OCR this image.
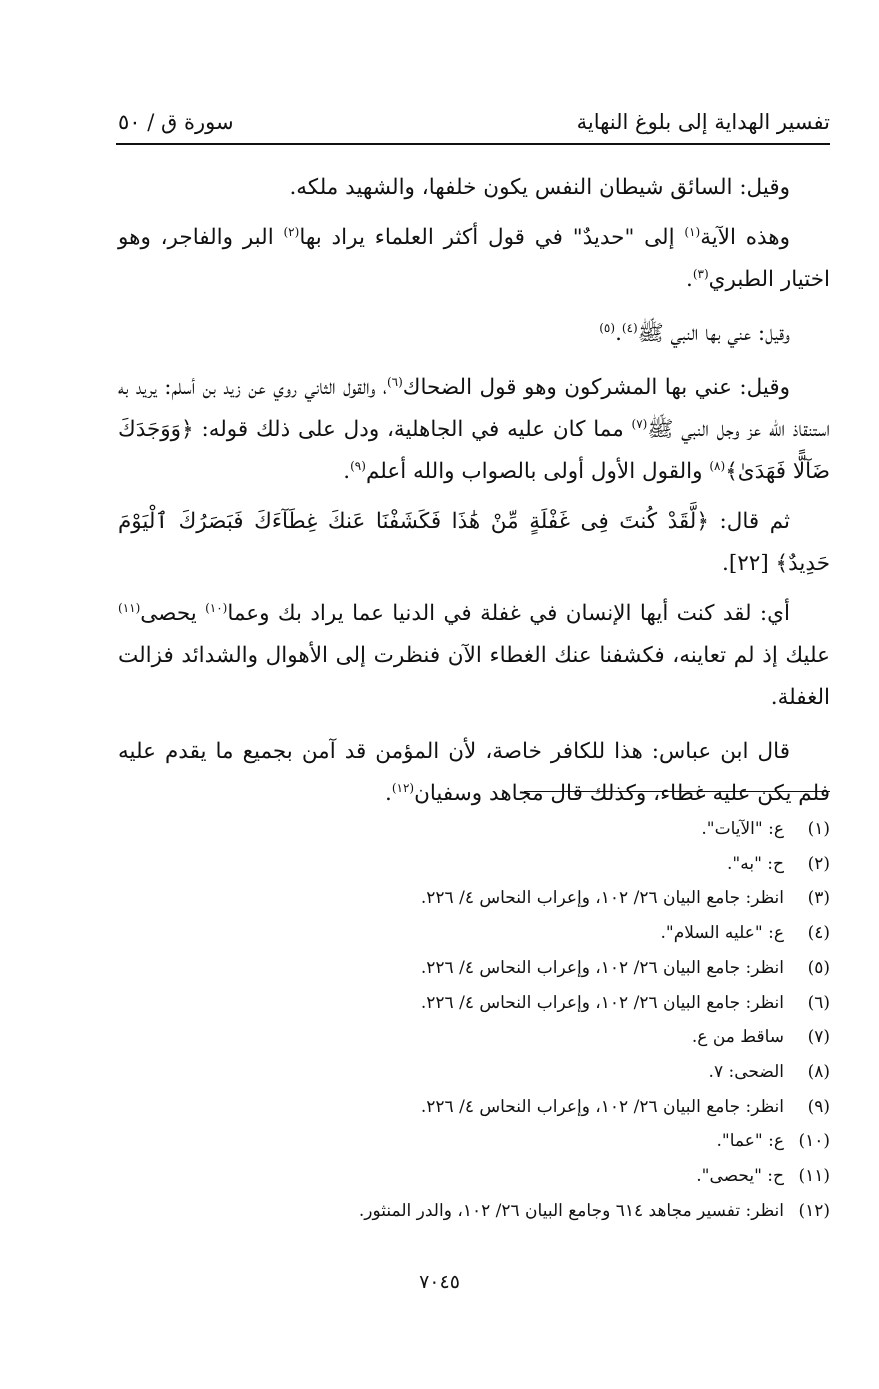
تفسير الهداية إلى بلوغ النهاية
سورة ق / ٥٠

وقيل: السائق شيطان النفس يكون خلفها، والشهيد ملكه.

وهذه الآية$^{(١)}$ إلى "حديدٌ" في قول أكثر العلماء يراد بها$^{(٢)}$ البر والفاجر، وهو اختيار الطبري$^{(٣)}$.

وقيل: عني بها النبي ﷺ$^{(٤)}$.$^{(٥)}$

وقيل: عني بها المشركون وهو قول الضحاك$^{(٦)}$، والقول الثاني روي عن زيد بن أسلم: يريد به استنقاذ الله عز وجل النبي ﷺ$^{(٧)}$ مما كان عليه في الجاهلية، ودل على ذلك قوله: ﴿وَوَجَدَكَ ضَآلًّا فَهَدَىٰ﴾$^{(٨)}$ والقول الأول أولى بالصواب والله أعلم$^{(٩)}$.

ثم قال: ﴿لَّقَدْ كُنتَ فِى غَفْلَةٍ مِّنْ هَٰذَا فَكَشَفْنَا عَنكَ غِطَآءَكَ فَبَصَرُكَ ٱلْيَوْمَ حَدِيدٌ﴾ [٢٢].

أي: لقد كنت أيها الإنسان في غفلة في الدنيا عما يراد بك وعما$^{(١٠)}$ يحصى$^{(١١)}$ عليك إذ لم تعاينه، فكشفنا عنك الغطاء الآن فنظرت إلى الأهوال والشدائد فزالت الغفلة.

قال ابن عباس: هذا للكافر خاصة، لأن المؤمن قد آمن بجميع ما يقدم عليه فلم يكن عليه غطاء، وكذلك قال مجاهد وسفيان$^{(١٢)}$.

(١)
ع: "الآيات".
(٢)
ح: "به".
(٣)
انظر: جامع البيان ٢٦/ ١٠٢، وإعراب النحاس ٤/ ٢٢٦.
(٤)
ع: "عليه السلام".
(٥)
انظر: جامع البيان ٢٦/ ١٠٢، وإعراب النحاس ٤/ ٢٢٦.
(٦)
انظر: جامع البيان ٢٦/ ١٠٢، وإعراب النحاس ٤/ ٢٢٦.
(٧)
ساقط من ع.
(٨)
الضحى: ٧.
(٩)
انظر: جامع البيان ٢٦/ ١٠٢، وإعراب النحاس ٤/ ٢٢٦.
(١٠)
ع: "عما".
(١١)
ح: "يحصى".
(١٢)
انظر: تفسير مجاهد ٦١٤ وجامع البيان ٢٦/ ١٠٢، والدر المنثور.
٧٠٤٥
